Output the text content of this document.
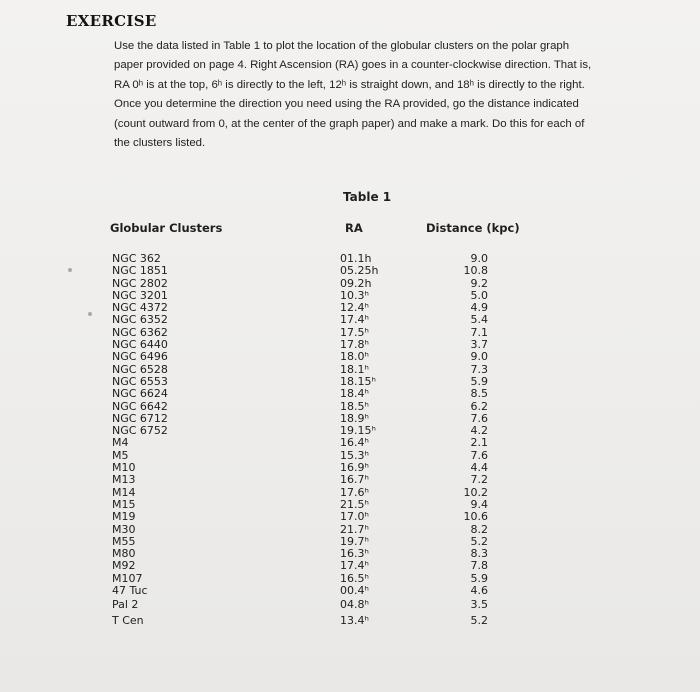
EXERCISE
Use the data listed in Table 1 to plot the location of the globular clusters on the polar graph
paper provided on page 4. Right Ascension (RA) goes in a counter-clockwise direction. That is,
RA 0ʰ is at the top, 6ʰ is directly to the left, 12ʰ is straight down, and 18ʰ is directly to the right.
Once you determine the direction you need using the RA provided, go the distance indicated
(count outward from 0, at the center of the graph paper) and make a mark. Do this for each of
the clusters listed.
Table 1
Globular Clusters	RA	Distance (kpc)
NGC 362
NGC 1851
NGC 2802
NGC 3201
NGC 4372
NGC 6352
NGC 6362
NGC 6440
NGC 6496
NGC 6528
NGC 6553
NGC 6624
NGC 6642
NGC 6712
NGC 6752
M4
M5
M10
M13
M14
M15
M19
M30
M55
M80
M92
M107
47 Tuc
Pal 2
T Cen
01.1h
05.25h
09.2h
10.3ʰ
12.4ʰ
17.4ʰ
17.5ʰ
17.8ʰ
18.0ʰ
18.1ʰ
18.15ʰ
18.4ʰ
18.5ʰ
18.9ʰ
19.15ʰ
16.4ʰ
15.3ʰ
16.9ʰ
16.7ʰ
17.6ʰ
21.5ʰ
17.0ʰ
21.7ʰ
19.7ʰ
16.3ʰ
17.4ʰ
16.5ʰ
00.4ʰ
04.8ʰ
13.4ʰ
9.0
10.8
9.2
5.0
4.9
5.4
7.1
3.7
9.0
7.3
5.9
8.5
6.2
7.6
4.2
2.1
7.6
4.4
7.2
10.2
9.4
10.6
8.2
5.2
8.3
7.8
5.9
4.6
3.5
5.2
